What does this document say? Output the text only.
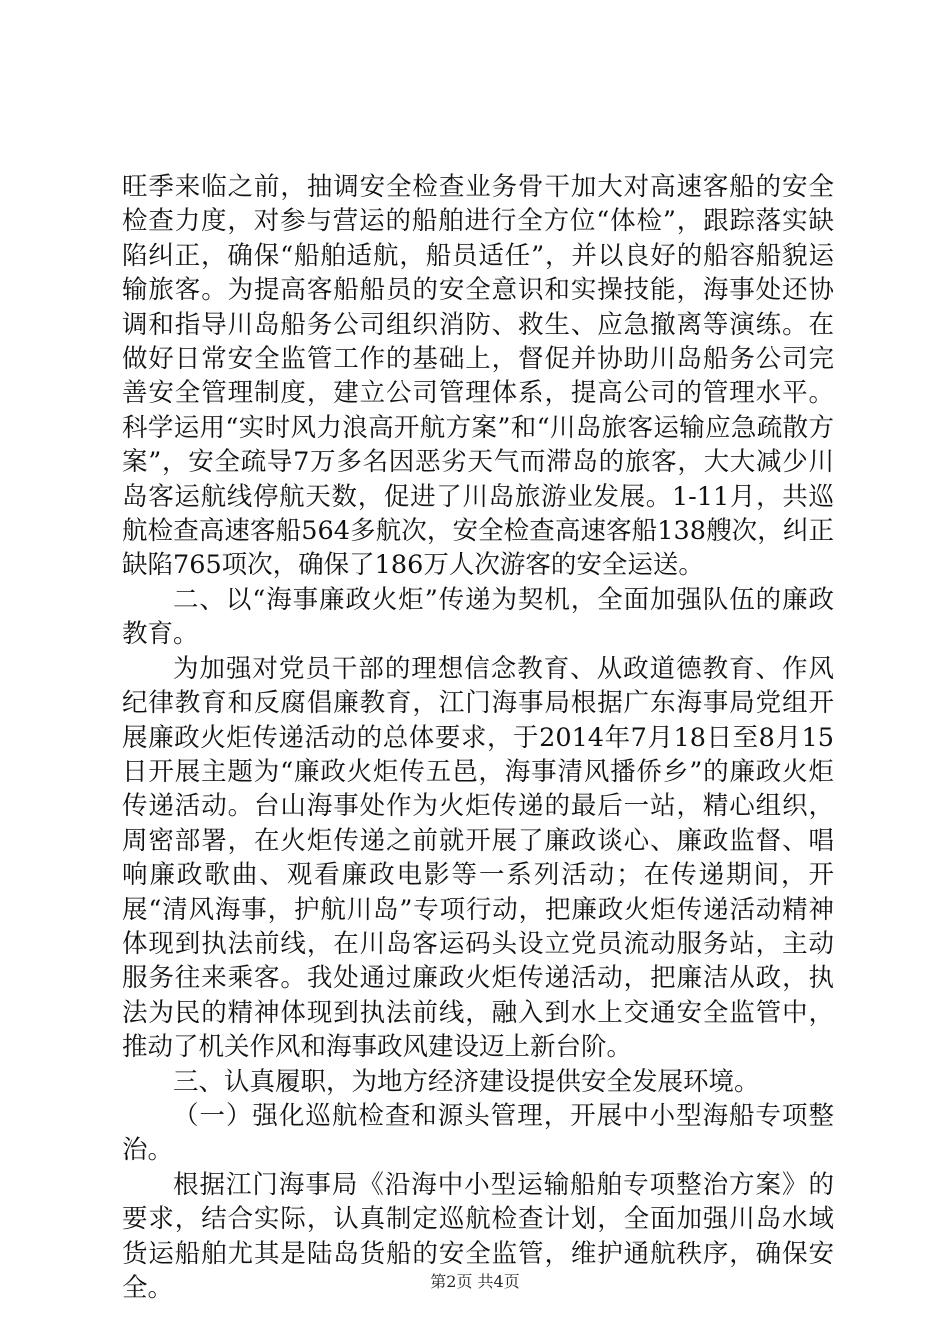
旺季来临之前，抽调安全检查业务骨干加大对高速客船的安全检查力度，对参与营运的船舶进行全方位“体检”，跟踪落实缺陷纠正，确保“船舶适航，船员适任”，并以良好的船容船貌运输旅客。为提高客船船员的安全意识和实操技能，海事处还协调和指导川岛船务公司组织消防、救生、应急撤离等演练。在做好日常安全监管工作的基础上，督促并协助川岛船务公司完善安全管理制度，建立公司管理体系，提高公司的管理水平。科学运用“实时风力浪高开航方案”和“川岛旅客运输应急疏散方案”，安全疏导7万多名因恶劣天气而滞岛的旅客，大大减少川岛客运航线停航天数，促进了川岛旅游业发展。1-11月，共巡航检查高速客船564多航次，安全检查高速客船138艘次，纠正缺陷765项次，确保了186万人次游客的安全运送。

二、以“海事廉政火炬”传递为契机，全面加强队伍的廉政教育。

为加强对党员干部的理想信念教育、从政道德教育、作风纪律教育和反腐倡廉教育，江门海事局根据广东海事局党组开展廉政火炬传递活动的总体要求，于2014年7月18日至8月15日开展主题为“廉政火炬传五邑，海事清风播侨乡”的廉政火炬传递活动。台山海事处作为火炬传递的最后一站，精心组织，周密部署，在火炬传递之前就开展了廉政谈心、廉政监督、唱响廉政歌曲、观看廉政电影等一系列活动；在传递期间，开展“清风海事，护航川岛”专项行动，把廉政火炬传递活动精神体现到执法前线，在川岛客运码头设立党员流动服务站，主动服务往来乘客。我处通过廉政火炬传递活动，把廉洁从政，执法为民的精神体现到执法前线，融入到水上交通安全监管中，推动了机关作风和海事政风建设迈上新台阶。

三、认真履职，为地方经济建设提供安全发展环境。

（一）强化巡航检查和源头管理，开展中小型海船专项整治。

根据江门海事局《沿海中小型运输船舶专项整治方案》的要求，结合实际，认真制定巡航检查计划，全面加强川岛水域货运船舶尤其是陆岛货船的安全监管，维护通航秩序，确保安全。	第2页 共4页
